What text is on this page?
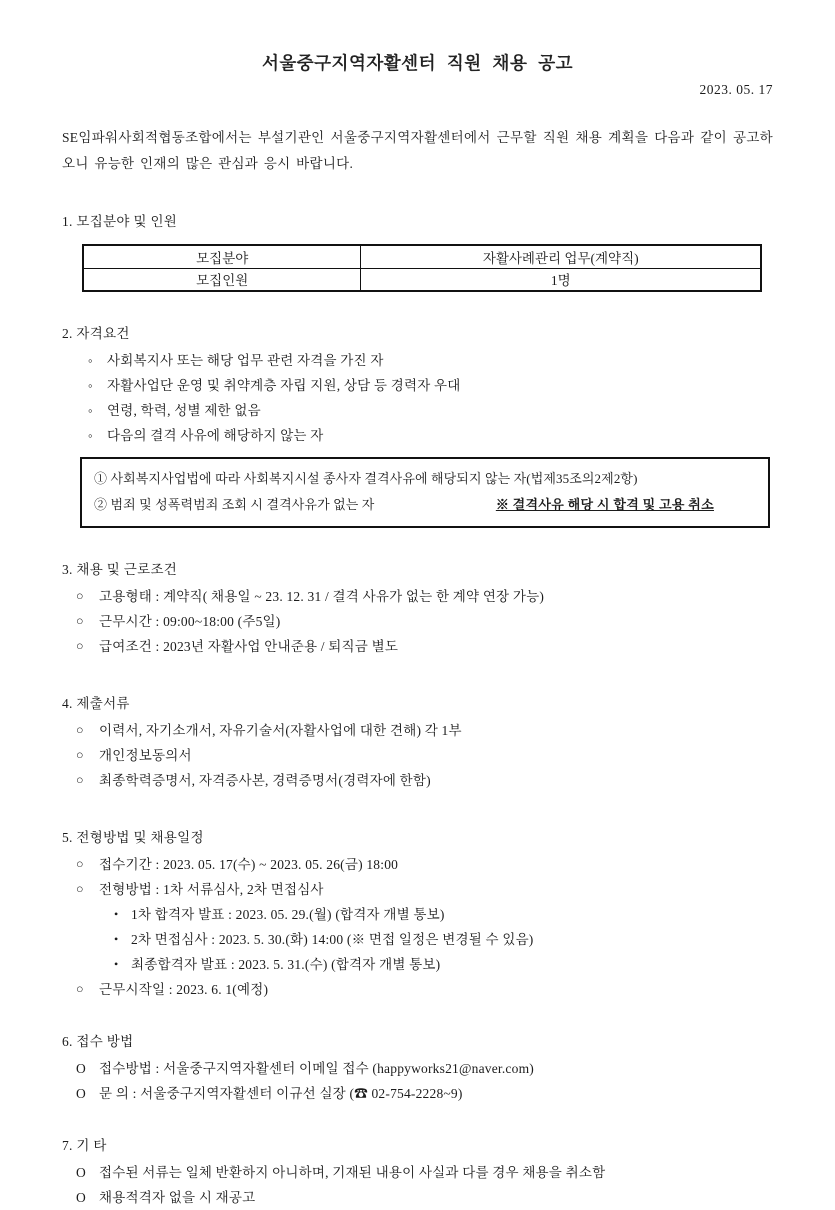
서울중구지역자활센터 직원 채용 공고
2023. 05. 17

SE임파워사회적협동조합에서는 부설기관인 서울중구지역자활센터에서 근무할 직원 채용 계획을 다음과 같이 공고하오니 유능한 인재의 많은 관심과 응시 바랍니다.

1. 모집분야 및 인원
모집분야	자활사례관리 업무(계약직)
모집인원	1명
2. 자격요건
◦	사회복지사 또는 해당 업무 관련 자격을 가진 자
◦	자활사업단 운영 및 취약계층 자립 지원, 상담 등 경력자 우대
◦	연령, 학력, 성별 제한 없음
◦	다음의 결격 사유에 해당하지 않는 자
① 사회복지사업법에 따라 사회복지시설 종사자 결격사유에 해당되지 않는 자(법제35조의2제2항)
② 범죄 및 성폭력범죄 조회 시 결격사유가 없는 자	※ 결격사유 해당 시 합격 및 고용 취소
3. 채용 및 근로조건
○	고용형태 : 계약직( 채용일 ~ 23. 12. 31 / 결격 사유가 없는 한 계약 연장 가능)
○	근무시간 : 09:00~18:00 (주5일)
○	급여조건 : 2023년 자활사업 안내준용 / 퇴직금 별도
4. 제출서류
○	이력서, 자기소개서, 자유기술서(자활사업에 대한 견해) 각 1부
○	개인정보동의서
○	최종학력증명서, 자격증사본, 경력증명서(경력자에 한함)
5. 전형방법 및 채용일정
○	접수기간 : 2023. 05. 17(수) ~ 2023. 05. 26(금) 18:00
○	전형방법 : 1차 서류심사, 2차 면접심사
• 1차 합격자 발표 : 2023. 05. 29.(월) (합격자 개별 통보)
• 2차 면접심사 : 2023. 5. 30.(화) 14:00 (※ 면접 일정은 변경될 수 있음)
• 최종합격자 발표 : 2023. 5. 31.(수) (합격자 개별 통보)
○	근무시작일 : 2023. 6. 1(예정)
6. 접수 방법
O 접수방법 : 서울중구지역자활센터 이메일 접수 (happyworks21@naver.com)
O 문 의 : 서울중구지역자활센터 이규선 실장 (☎ 02-754-2228~9)
7. 기 타
O 접수된 서류는 일체 반환하지 아니하며, 기재된 내용이 사실과 다를 경우 채용을 취소함
O 채용적격자 없을 시 재공고
